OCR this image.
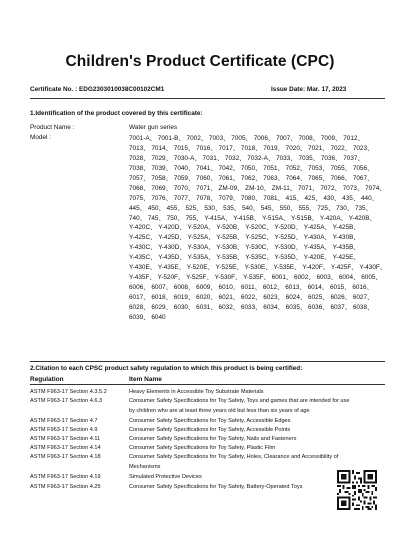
Children's Product Certificate (CPC)
Certificate No. : EDG2303010038C00102CM1	Issue Date: Mar. 17, 2023
1.Identification of the product covered by this certificate:
Product Name :	Water gun series
Model :	7001-A、 7001-B、 7002、 7003、 7005、 7006、 7007、 7008、 7009、 7012、
7013、 7014、 7015、 7016、 7017、 7018、 7019、 7020、 7021、 7022、 7023、
7028、 7029、 7030-A、 7031、 7032、 7032-A、 7033、 7035、 7036、 7037、
7038、 7039、 7040、 7041、 7042、 7050、 7051、 7052、 7053、 7055、 7056、
7057、 7058、 7059、 7060、 7061、 7062、 7063、 7064、 7065、 7066、 7067、
7068、 7069、 7070、 7071、 ZM-09、 ZM-10、 ZM-11、 7071、 7072、 7073、 7074、
7075、 7076、 7077、 7078、 7079、 7080、 7081、 415、 425、 430、 435、 440、
445、 450、 455、 525、 530、 535、 540、 545、 550、 555、 725、 730、 735、
740、 745、 750、 755、 Y-415A、 Y-415B、 Y-515A、 Y-515B、 Y-420A、 Y-420B、
Y-420C、 Y-420D、 Y-520A、 Y-520B、 Y-520C、 Y-520D、 Y-425A、 Y-425B、
Y-425C、 Y-425D、 Y-525A、 Y-525B、 Y-525C、 Y-525D、 Y-430A、 Y-430B、
Y-430C、 Y-430D、 Y-530A、 Y-530B、 Y-530C、 Y-530D、 Y-435A、 Y-435B、
Y-435C、 Y-435D、 Y-535A、 Y-535B、 Y-535C、 Y-535D、 Y-420E、 Y-425E、
Y-430E、 Y-435E、 Y-520E、 Y-525E、 Y-530E、 Y-535E、 Y-420F、 Y-425F、 Y-430F、
Y-435F、 Y-520F、 Y-525F、 Y-530F、 Y-535F、 6001、 6002、 6003、 6004、 6005、
6006、 6007、 6008、 6009、 6010、 6011、 6012、 6013、 6014、 6015、 6016、
6017、 6018、 6019、 6020、 6021、 6022、 6023、 6024、 6025、 6026、 6027、
6028、 6029、 6030、 6031、 6032、 6033、 6034、 6035、 6036、 6037、 6038、
6039、 6040
2.Citation to each CPSC product safety regulation to which this product is being certified:
Regulation	Item Name
ASTM F963-17 Section 4.3.5.2	Heavy Elements in Accessible Toy Substrate Materials
ASTM F963-17 Section 4.6.3	Consumer Safety Specifications for Toy Safety, Toys and games that are intended for use by children who are at least three years old but less than six years of age
ASTM F963-17 Section 4.7	Consumer Safety Specifications for Toy Safety, Accessible Edges
ASTM F963-17 Section 4.9	Consumer Safety Specifications for Toy Safety, Accessible Points
ASTM F963-17 Section 4.11	Consumer Safety Specifications for Toy Safety, Nails and Fasteners
ASTM F963-17 Section 4.14	Consumer Safety Specifications for Toy Safety, Plastic Film
ASTM F963-17 Section 4.18	Consumer Safety Specifications for Toy Safety, Holes, Clearance and Accessibility of Mechanisms
ASTM F963-17 Section 4.19	Simulated Protective Devices
ASTM F963-17 Section 4.25	Consumer Safety Specifications for Toy Safety, Battery-Operated Toys
